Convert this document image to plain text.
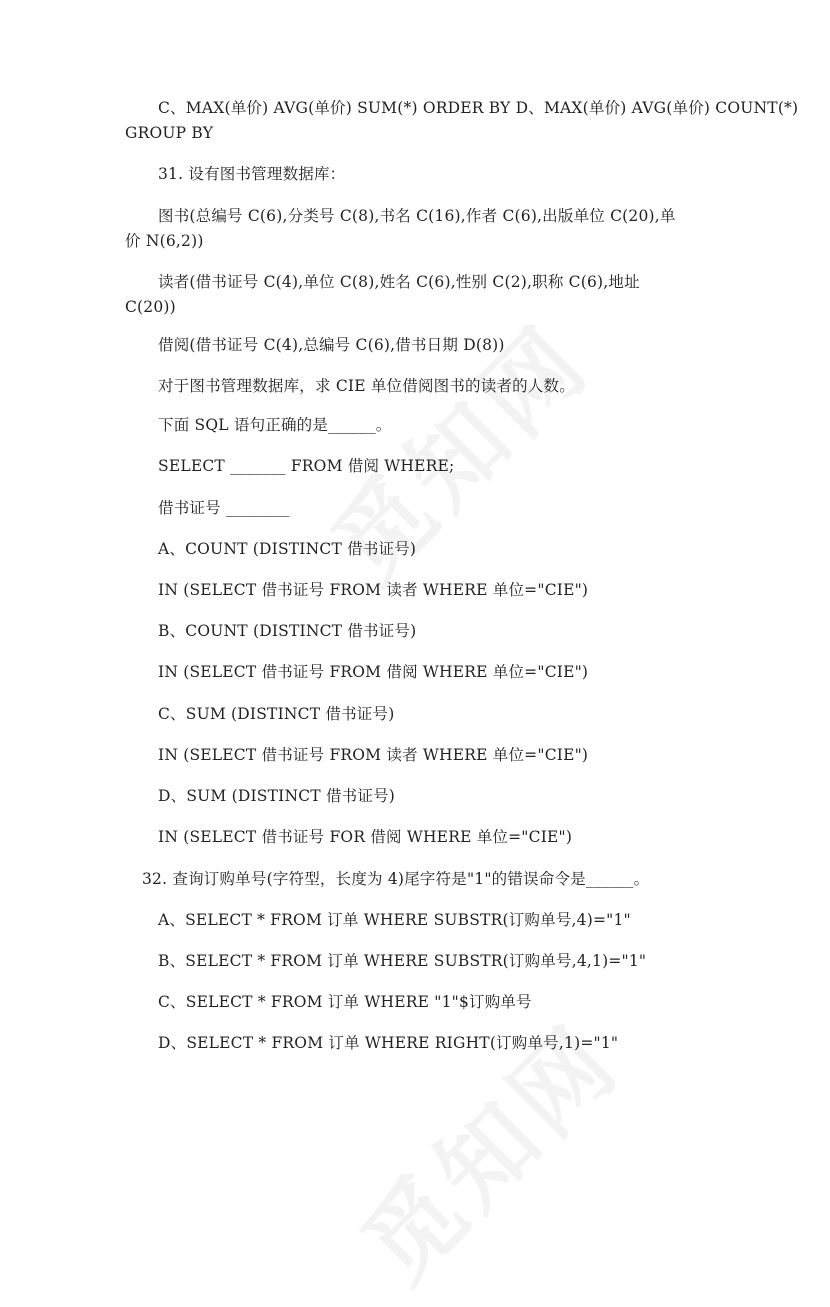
C、MAX(单价) AVG(单价) SUM(*) ORDER BY D、MAX(单价) AVG(单价) COUNT(*)
GROUP BY
31. 设有图书管理数据库：
图书(总编号 C(6),分类号 C(8),书名 C(16),作者 C(6),出版单位 C(20),单
价 N(6,2))
读者(借书证号 C(4),单位 C(8),姓名 C(6),性别 C(2),职称 C(6),地址
C(20))
借阅(借书证号 C(4),总编号 C(6),借书日期 D(8))
对于图书管理数据库，求 CIE 单位借阅图书的读者的人数。
下面 SQL 语句正确的是______。
SELECT _______ FROM 借阅 WHERE;
借书证号 ________
A、COUNT (DISTINCT 借书证号)
IN (SELECT 借书证号 FROM 读者 WHERE 单位="CIE")
B、COUNT (DISTINCT 借书证号)
IN (SELECT 借书证号 FROM 借阅 WHERE 单位="CIE")
C、SUM (DISTINCT 借书证号)
IN (SELECT 借书证号 FROM 读者 WHERE 单位="CIE")
D、SUM (DISTINCT 借书证号)
IN (SELECT 借书证号 FOR 借阅 WHERE 单位="CIE")
32. 查询订购单号(字符型，长度为 4)尾字符是"1"的错误命令是______。
A、SELECT * FROM 订单 WHERE SUBSTR(订购单号,4)="1"
B、SELECT * FROM 订单 WHERE SUBSTR(订购单号,4,1)="1"
C、SELECT * FROM 订单 WHERE "1"$订购单号
D、SELECT * FROM 订单 WHERE RIGHT(订购单号,1)="1"
